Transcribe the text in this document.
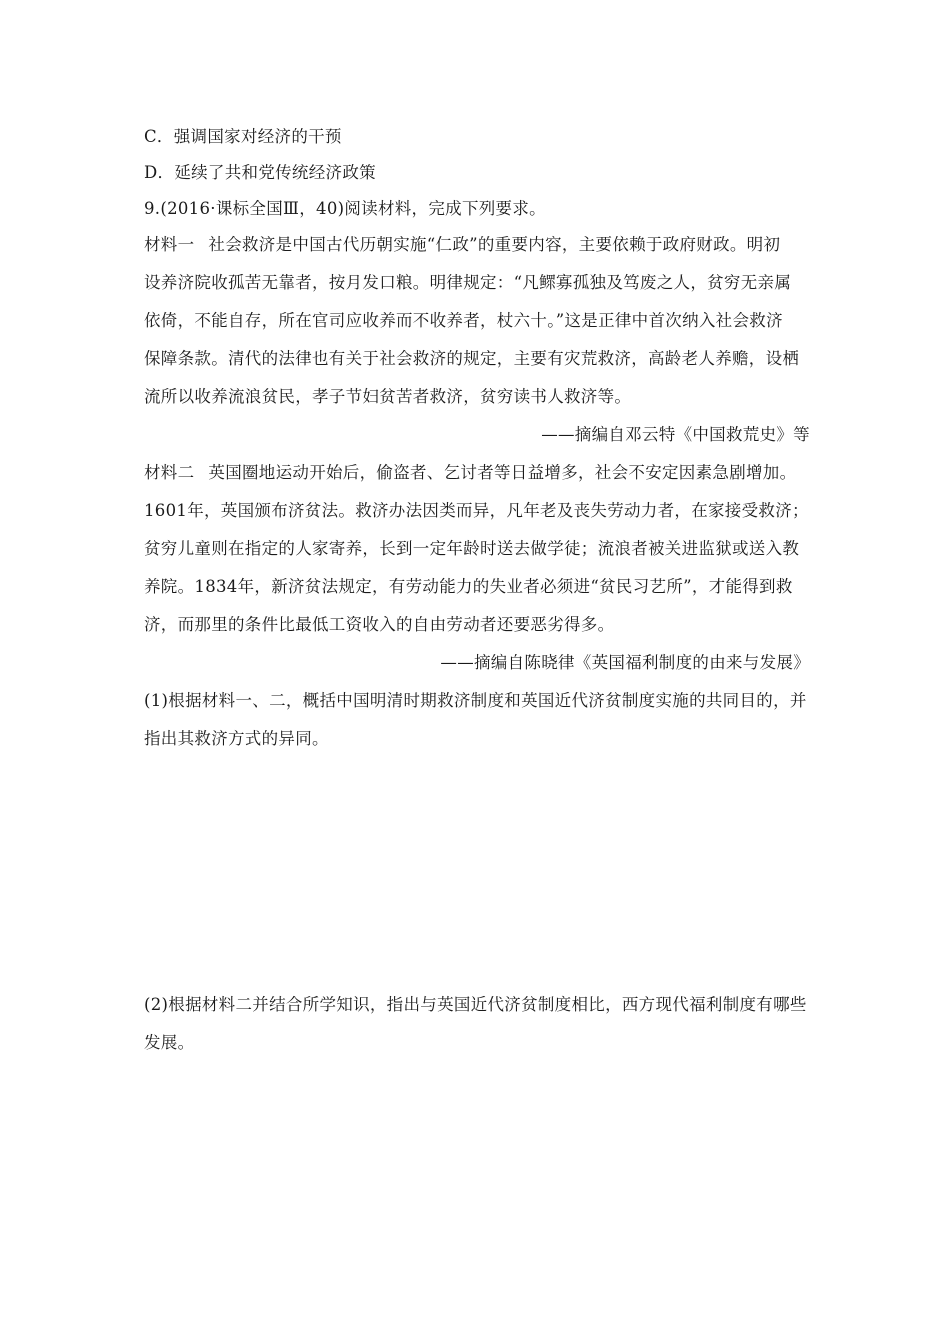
C．强调国家对经济的干预
D．延续了共和党传统经济政策
9.(2016·课标全国Ⅲ，40)阅读材料，完成下列要求。
材料一 社会救济是中国古代历朝实施“仁政”的重要内容，主要依赖于政府财政。明初
设养济院收孤苦无靠者，按月发口粮。明律规定：“凡鳏寡孤独及笃废之人，贫穷无亲属
依倚，不能自存，所在官司应收养而不收养者，杖六十。”这是正律中首次纳入社会救济
保障条款。清代的法律也有关于社会救济的规定，主要有灾荒救济，高龄老人养赡，设栖
流所以收养流浪贫民，孝子节妇贫苦者救济，贫穷读书人救济等。
——摘编自邓云特《中国救荒史》等
材料二 英国圈地运动开始后，偷盗者、乞讨者等日益增多，社会不安定因素急剧增加。
1601年，英国颁布济贫法。救济办法因类而异，凡年老及丧失劳动力者，在家接受救济；
贫穷儿童则在指定的人家寄养，长到一定年龄时送去做学徒；流浪者被关进监狱或送入教
养院。1834年，新济贫法规定，有劳动能力的失业者必须进“贫民习艺所”，才能得到救
济，而那里的条件比最低工资收入的自由劳动者还要恶劣得多。
——摘编自陈晓律《英国福利制度的由来与发展》
(1)根据材料一、二，概括中国明清时期救济制度和英国近代济贫制度实施的共同目的，并
指出其救济方式的异同。
(2)根据材料二并结合所学知识，指出与英国近代济贫制度相比，西方现代福利制度有哪些
发展。
